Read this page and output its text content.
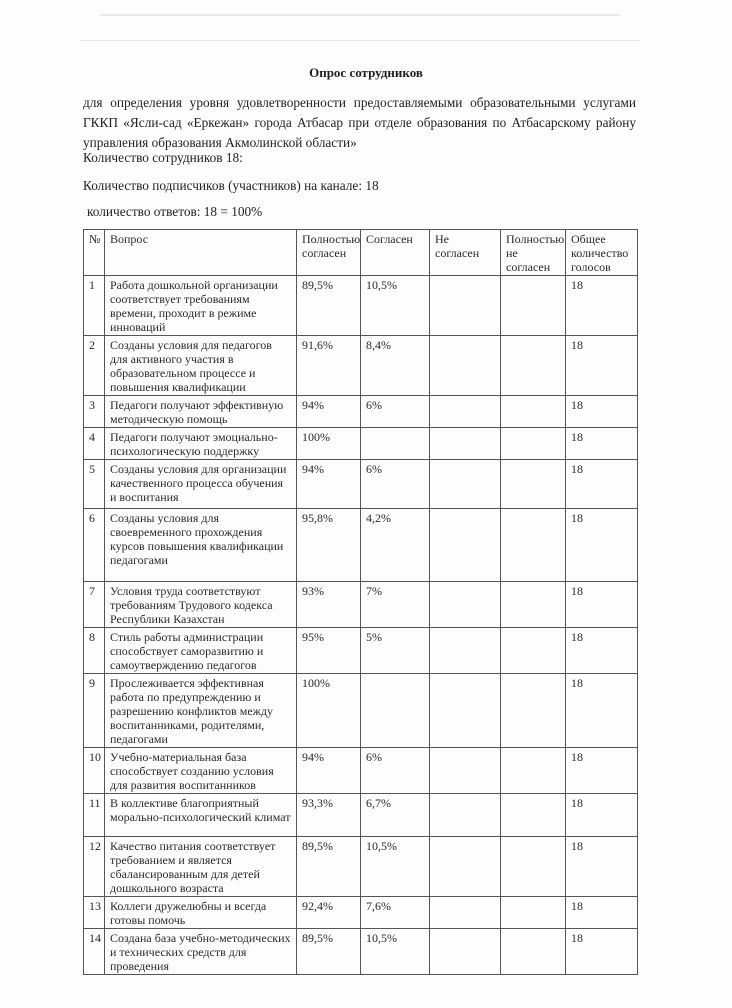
Опрос сотрудников
для определения уровня удовлетворенности предоставляемыми образовательными услугами ГККП «Ясли-сад «Еркежан» города Атбасар при отделе образования по Атбасарскому району управления образования Акмолинской области»
Количество сотрудников 18:
Количество подписчиков (участников) на канале: 18
количество ответов: 18 = 100%
№	Вопрос	Полностью согласен	Согласен	Не согласен	Полностью не согласен	Общее количество голосов
1	Работа дошкольной организации соответствует требованиям времени, проходит в режиме инноваций	89,5%	10,5%			18
2	Созданы условия для педагогов для активного участия в образовательном процессе и повышения квалификации	91,6%	8,4%			18
3	Педагоги получают эффективную методическую помощь	94%	6%			18
4	Педагоги получают эмоциально-психологическую поддержку	100%				18
5	Созданы условия для организации качественного процесса обучения и воспитания	94%	6%			18
6	Созданы условия для своевременного прохождения курсов повышения квалификации педагогами	95,8%	4,2%			18
7	Условия труда соответствуют требованиям Трудового кодекса Республики Казахстан	93%	7%			18
8	Стиль работы администрации способствует саморазвитию и самоутверждению педагогов	95%	5%			18
9	Прослеживается эффективная работа по предупреждению и разрешению конфликтов между воспитанниками, родителями, педагогами	100%				18
10	Учебно-материальная база способствует созданию условия для развития воспитанников	94%	6%			18
11	В коллективе благоприятный морально-психологический климат	93,3%	6,7%			18
12	Качество питания соответствует требованием и является сбалансированным для детей дошкольного возраста	89,5%	10,5%			18
13	Коллеги дружелюбны и всегда готовы помочь	92,4%	7,6%			18
14	Создана база учебно-методических и технических средств для проведения	89,5%	10,5%			18
